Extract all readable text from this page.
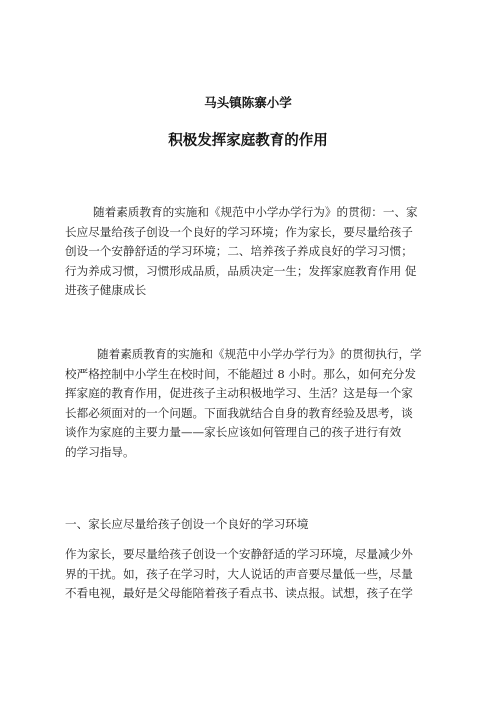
马头镇陈寨小学
积极发挥家庭教育的作用

随着素质教育的实施和《规范中小学办学行为》的贯彻：一、家
长应尽量给孩子创设一个良好的学习环境；作为家长，要尽量给孩子
创设一个安静舒适的学习环境；二、培养孩子养成良好的学习习惯；
行为养成习惯，习惯形成品质，品质决定一生；发挥家庭教育作用 促
进孩子健康成长

随着素质教育的实施和《规范中小学办学行为》的贯彻执行，学
校严格控制中小学生在校时间，不能超过 8 小时。那么，如何充分发
挥家庭的教育作用，促进孩子主动积极地学习、生活？这是每一个家
长都必须面对的一个问题。下面我就结合自身的教育经验及思考，谈
谈作为家庭的主要力量——家长应该如何管理自己的孩子进行有效
的学习指导。

一、家长应尽量给孩子创设一个良好的学习环境

作为家长，要尽量给孩子创设一个安静舒适的学习环境，尽量减少外
界的干扰。如，孩子在学习时，大人说话的声音要尽量低一些，尽量
不看电视，最好是父母能陪着孩子看点书、读点报。试想，孩子在学
